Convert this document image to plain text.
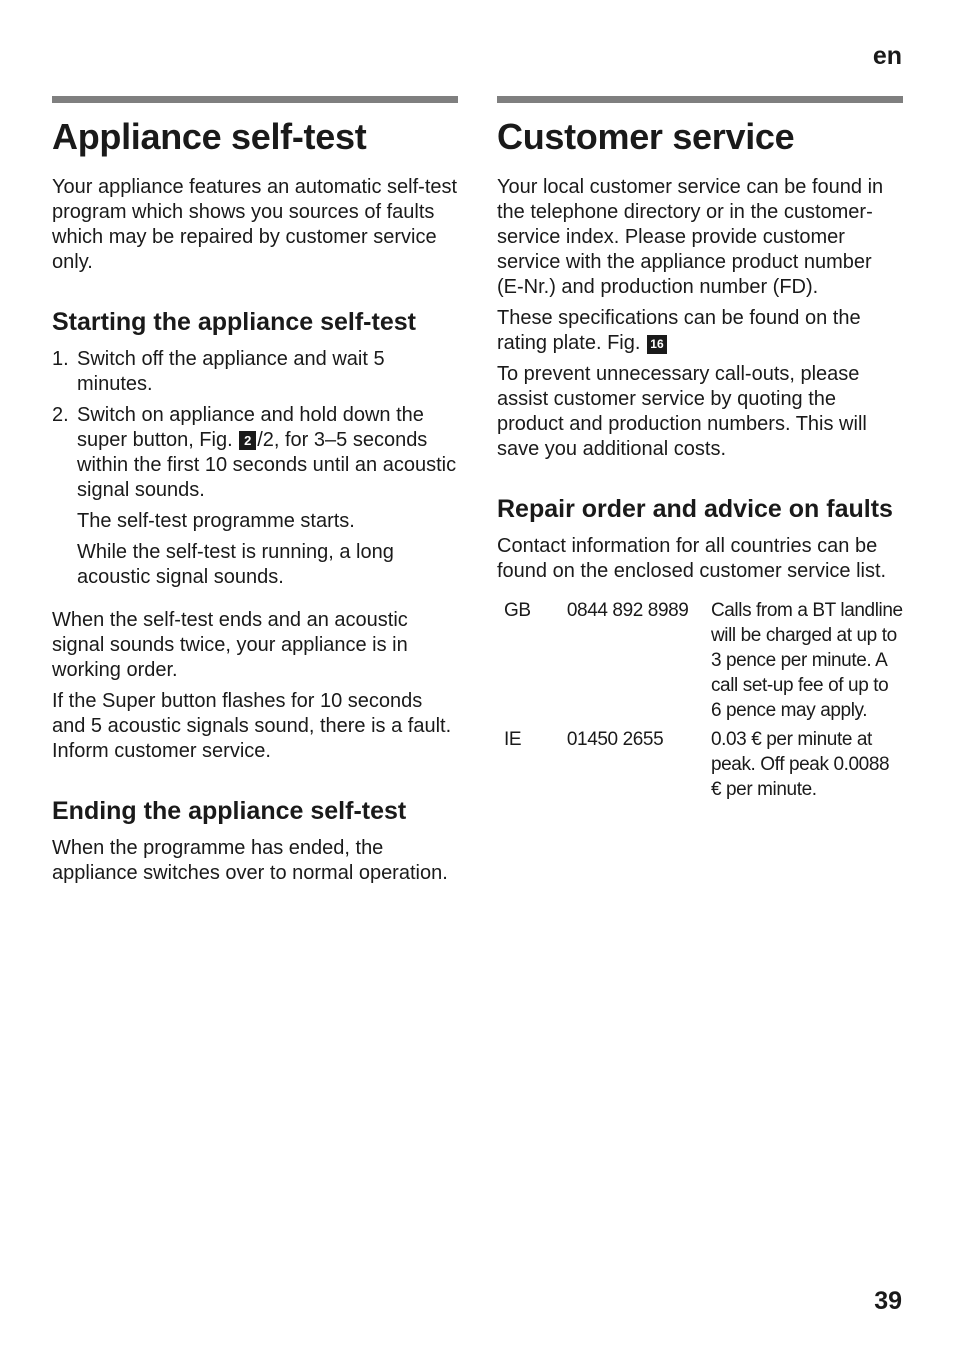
en
Appliance self-test

Your appliance features an automatic self-test program which shows you sources of faults which may be repaired by customer service only.

Starting the appliance self-test
1. Switch off the appliance and wait 5 minutes.
2. Switch on appliance and hold down the super button, Fig. 2 /2, for 3–5 seconds within the first 10 seconds until an acoustic signal sounds.

The self-test programme starts.

While the self-test is running, a long acoustic signal sounds.

When the self-test ends and an acoustic signal sounds twice, your appliance is in working order.

If the Super button flashes for 10 seconds and 5 acoustic signals sound, there is a fault. Inform customer service.

Ending the appliance self-test

When the programme has ended, the appliance switches over to normal operation.

Customer service

Your local customer service can be found in the telephone directory or in the customer-service index. Please provide customer service with the appliance product number (E-Nr.) and production number (FD).

These specifications can be found on the rating plate. Fig. 16

To prevent unnecessary call-outs, please assist customer service by quoting the product and production numbers. This will save you additional costs.

Repair order and advice on faults

Contact information for all countries can be found on the enclosed customer service list.

GB	0844 892 8989	Calls from a BT landline will be charged at up to 3 pence per minute. A call set-up fee of up to 6 pence may apply.
IE	01450 2655	0.03 € per minute at peak. Off peak 0.0088 € per minute.
39
